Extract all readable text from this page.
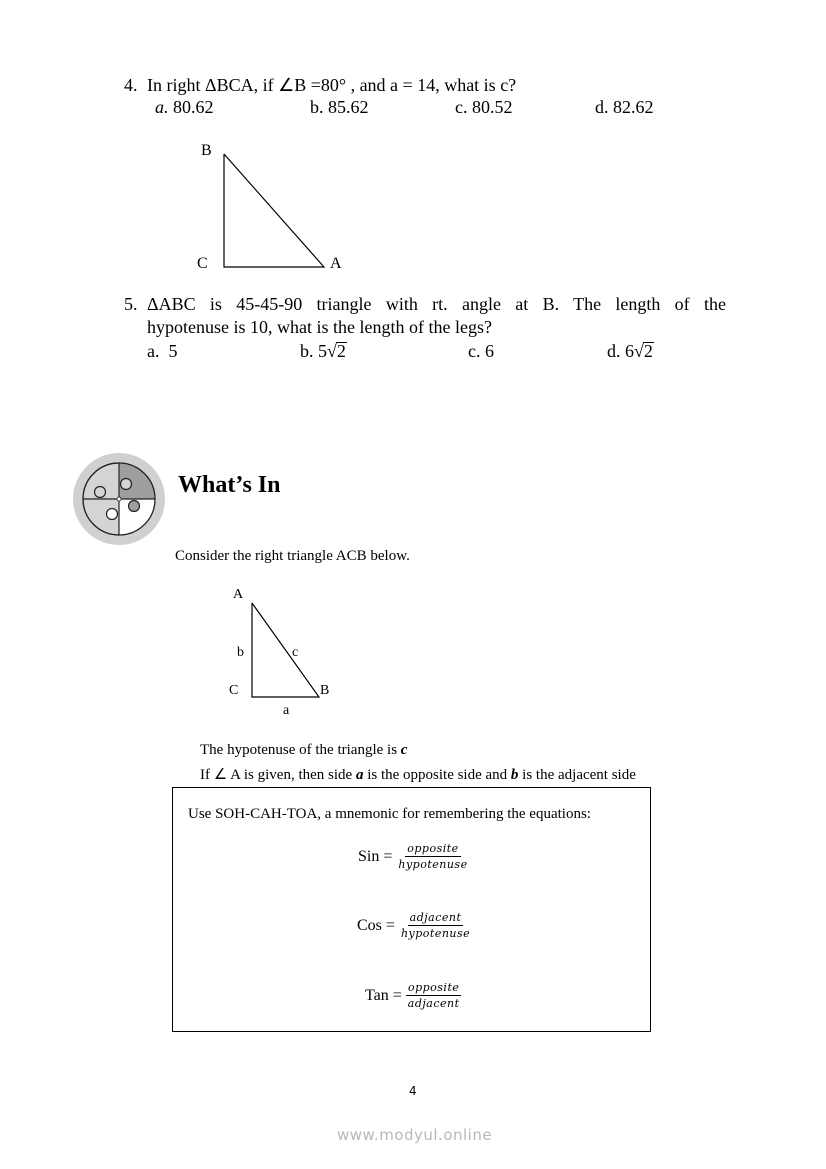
4. In right ΔBCA, if ∠B =80° , and a = 14, what is c?
a. 80.62	b. 85.62	c. 80.52	d. 82.62
B
C	A
5. ΔABC is 45-45-90 triangle with rt. angle at B. The length of the
hypotenuse is 10, what is the length of the legs?
a. 5	b. 5√2	c. 6	d. 6√2
What’s In
Consider the right triangle ACB below.
A
C	B
b	c
a
The hypotenuse of the triangle is c
If ∠ A is given, then side a is the opposite side and b is the adjacent side
Use SOH-CAH-TOA, a mnemonic for remembering the equations:
Sin
= $\frac{\text{opposite}}{\text{hypotenuse}}$
Cos
= $\frac{\text{adjacent}}{\text{hypotenuse}}$
Tan
= $\frac{\text{opposite}}{\text{adjacent}}$
4
www.modyul.online
